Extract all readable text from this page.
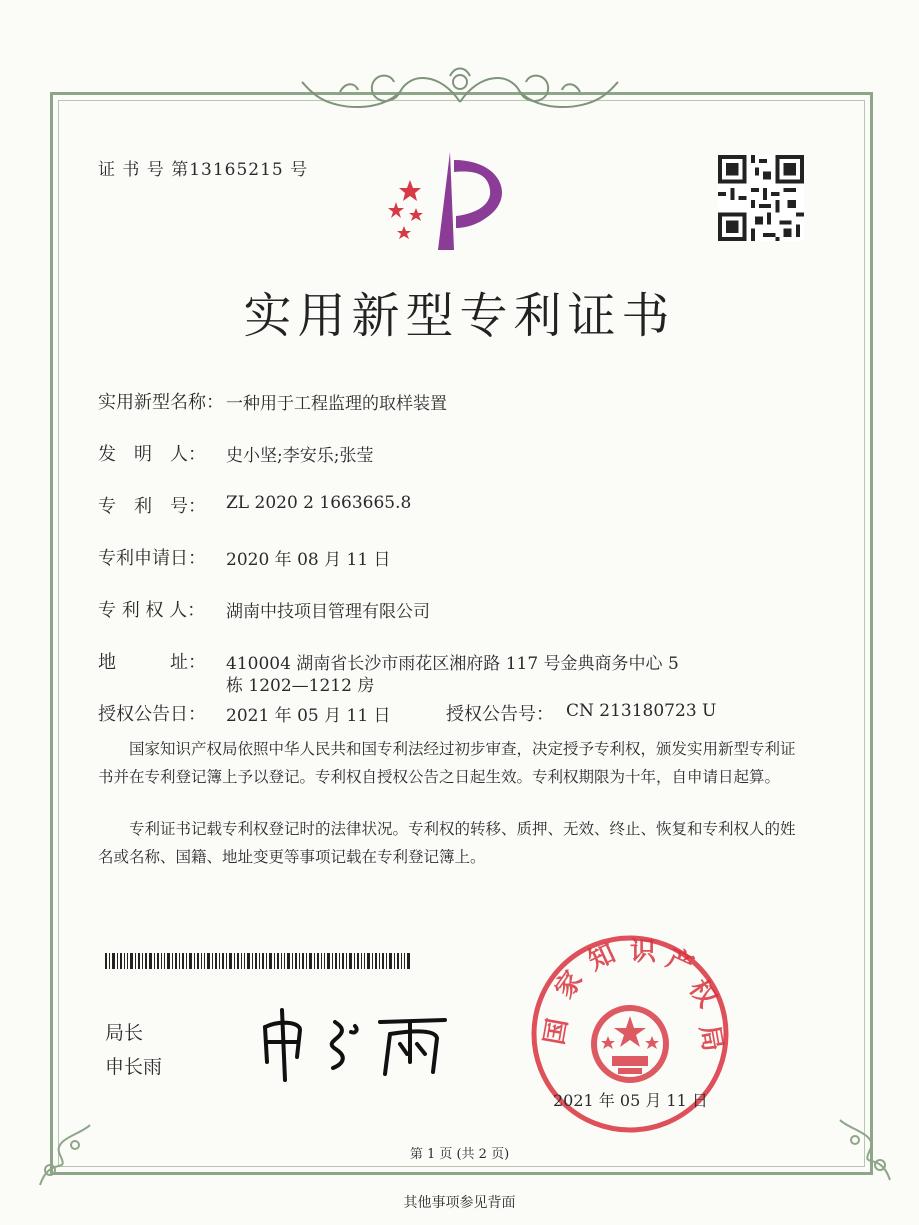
证 书 号 第13165215 号
实用新型专利证书
实用新型名称： 一种用于工程监理的取样装置
发　明　人： 史小坚;李安乐;张莹
专　利　号： ZL 2020 2 1663665.8
专利申请日： 2020 年 08 月 11 日
专 利 权 人： 湖南中技项目管理有限公司
地　　　址： 410004 湖南省长沙市雨花区湘府路 117 号金典商务中心 5
栋 1202—1212 房
授权公告日： 2021 年 05 月 11 日	授权公告号： CN 213180723 U
国家知识产权局依照中华人民共和国专利法经过初步审查，决定授予专利权，颁发实用新型专利证书并在专利登记簿上予以登记。专利权自授权公告之日起生效。专利权期限为十年，自申请日起算。
专利证书记载专利权登记时的法律状况。专利权的转移、质押、无效、终止、恢复和专利权人的姓名或名称、国籍、地址变更等事项记载在专利登记簿上。
局长
申长雨
国
家
知 识 产
权
局
2021 年 05 月 11 日
第 1 页 (共 2 页)
其他事项参见背面
